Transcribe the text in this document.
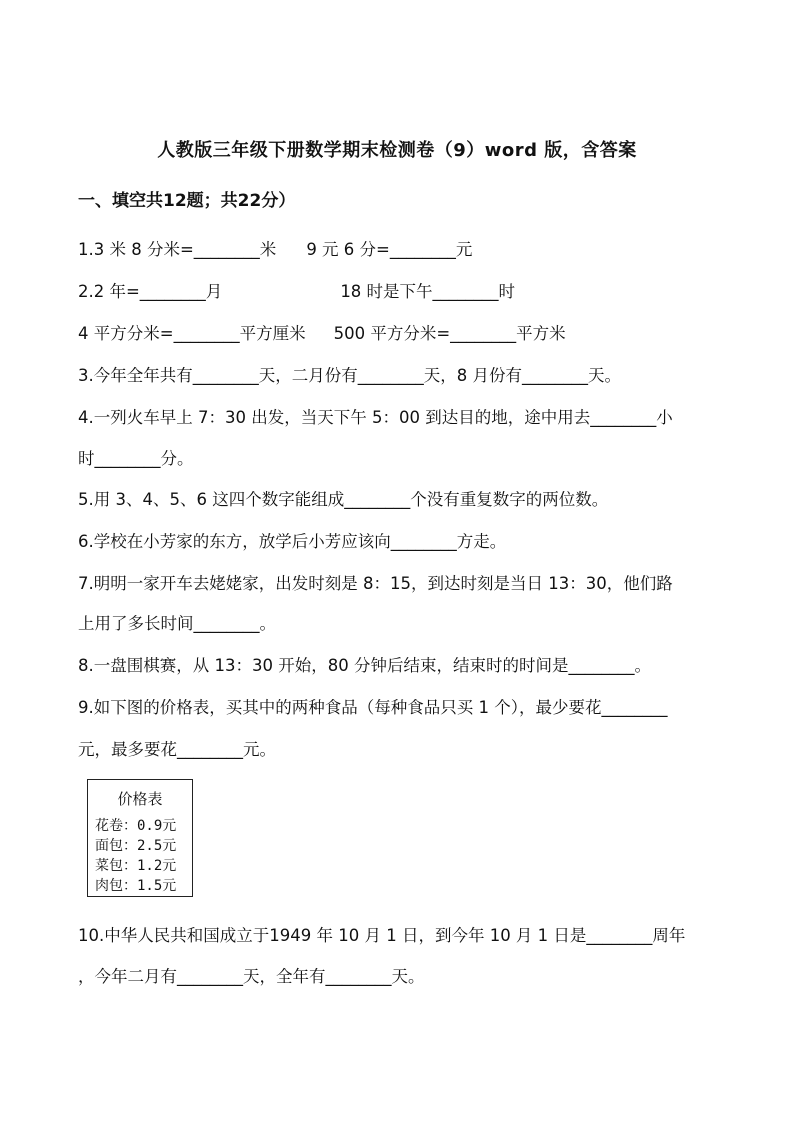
人教版三年级下册数学期末检测卷（9）word 版，含答案
一、填空共12题；共22分）
1.3 米 8 分米=________米 9 元 6 分=________元
2.2 年=________月	18 时是下午________时
4 平方分米=________平方厘米 500 平方分米=________平方米
3.今年全年共有________天，二月份有________天，8 月份有________天。
4.一列火车早上 7：30 出发，当天下午 5：00 到达目的地，途中用去________小
时________分。
5.用 3、4、5、6 这四个数字能组成________个没有重复数字的两位数。
6.学校在小芳家的东方，放学后小芳应该向________方走。
7.明明一家开车去姥姥家，出发时刻是 8：15，到达时刻是当日 13：30，他们路
上用了多长时间________。
8.一盘围棋赛，从 13：30 开始，80 分钟后结束，结束时的时间是________。
9.如下图的价格表，买其中的两种食品（每种食品只买 1 个），最少要花________
元，最多要花________元。
价格表
花卷：0.9元
面包：2.5元
菜包：1.2元
肉包：1.5元
10.中华人民共和国成立于1949 年 10 月 1 日，到今年 10 月 1 日是________周年
，今年二月有________天，全年有________天。
